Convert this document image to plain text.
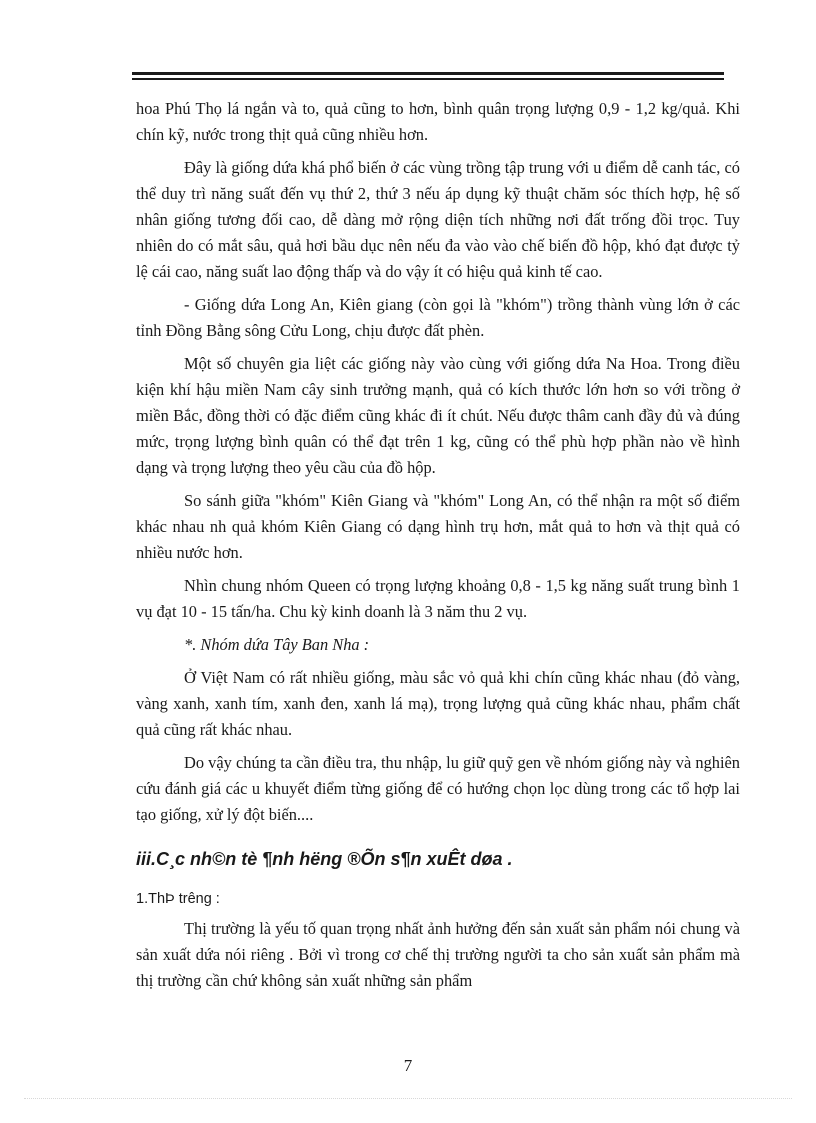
hoa Phú Thọ lá ngắn và to, quả cũng to hơn, bình quân trọng lượng 0,9 - 1,2 kg/quả. Khi chín kỹ, nước trong thịt quả cũng nhiều hơn.

Đây là giống dứa khá phổ biến ở các vùng trồng tập trung với u điểm dễ canh tác, có thể duy trì năng suất đến vụ thứ 2, thứ 3 nếu áp dụng kỹ thuật chăm sóc thích hợp, hệ số nhân giống tương đối cao, dễ dàng mở rộng diện tích những nơi đất trống đồi trọc. Tuy nhiên do có mắt sâu, quả hơi bầu dục nên nếu đa vào vào chế biến đồ hộp, khó đạt được tỷ lệ cái cao, năng suất lao động thấp và do vậy ít có hiệu quả kinh tế cao.

- Giống dứa Long An, Kiên giang (còn gọi là "khóm") trồng thành vùng lớn ở các tỉnh Đồng Bằng sông Cửu Long, chịu được đất phèn.

Một số chuyên gia liệt các giống này vào cùng với giống dứa Na Hoa. Trong điều kiện khí hậu miền Nam cây sinh trưởng mạnh, quả có kích thước lớn hơn so với trồng ở miền Bắc, đồng thời có đặc điểm cũng khác đi ít chút. Nếu được thâm canh đầy đủ và đúng mức, trọng lượng bình quân có thể đạt trên 1 kg, cũng có thể phù hợp phần nào về hình dạng và trọng lượng theo yêu cầu của đồ hộp.

So sánh giữa "khóm" Kiên Giang và "khóm" Long An, có thể nhận ra một số điểm khác nhau nh quả khóm Kiên Giang có dạng hình trụ hơn, mắt quả to hơn và thịt quả có nhiều nước hơn.

Nhìn chung nhóm Queen có trọng lượng khoảng 0,8 - 1,5 kg năng suất trung bình 1 vụ đạt 10 - 15 tấn/ha. Chu kỳ kinh doanh là 3 năm thu 2 vụ.

*. Nhóm dứa Tây Ban Nha :

Ở Việt Nam có rất nhiều giống, màu sắc vỏ quả khi chín cũng khác nhau (đỏ vàng, vàng xanh, xanh tím, xanh đen, xanh lá mạ), trọng lượng quả cũng khác nhau, phẩm chất quả cũng rất khác nhau.

Do vậy chúng ta cần điều tra, thu nhập, lu giữ quỹ gen về nhóm giống này và nghiên cứu đánh giá các u khuyết điểm từng giống để có hướng chọn lọc dùng trong các tổ hợp lai tạo giống, xử lý đột biến....

iii.C¸c nh©n tè ¶nh hëng ®Õn s¶n xuÊt døa .
1.ThÞ trêng :

Thị trường là yếu tố quan trọng nhất ảnh hưởng đến sản xuất sản phẩm nói chung và sản xuất dứa nói riêng . Bởi vì trong cơ chế thị trường người ta cho sản xuất sản phẩm mà thị trường cần chứ không sản xuất những sản phẩm

7
